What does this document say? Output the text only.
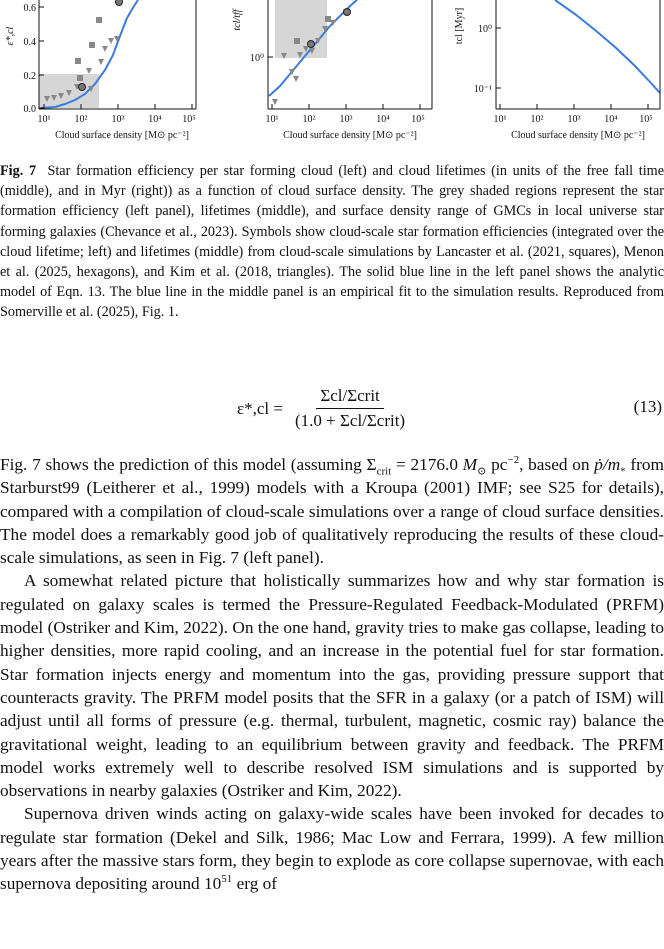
0.6
0.4
0.2
0.0
ε*,cl
10¹ 10² 10³ 10⁴ 10⁵
Cloud surface density [M⊙ pc⁻²]
10⁰
tcl/tff
10¹ 10² 10³ 10⁴ 10⁵
Cloud surface density [M⊙ pc⁻²]
10⁰
10⁻¹
tcl [Myr]
10¹ 10² 10³ 10⁴ 10⁵
Cloud surface density [M⊙ pc⁻²]

Fig. 7 Star formation efficiency per star forming cloud (left) and cloud lifetimes (in units of the free fall time (middle), and in Myr (right)) as a function of cloud surface density. The grey shaded regions represent the star formation efficiency (left panel), lifetimes (middle), and surface density range of GMCs in local universe star forming galaxies (Chevance et al., 2023). Symbols show cloud-scale star formation efficiencies (integrated over the cloud lifetime; left) and lifetimes (middle) from cloud-scale simulations by Lancaster et al. (2021, squares), Menon et al. (2025, hexagons), and Kim et al. (2018, triangles). The solid blue line in the left panel shows the analytic model of Eqn. 13. The blue line in the middle panel is an empirical fit to the simulation results. Reproduced from Somerville et al. (2025), Fig. 1.

$\varepsilon*,cl = \frac{\text{Σcl/Σcrit}}{\text{(1.0 + Σcl/Σcrit)}}$	(13)

Fig. 7 shows the prediction of this model (assuming $\Sigma_{crit} = 2176.0$ $M_⊙$ $pc^{-2}$, based on $ṗ/m_*$ from Starburst99 (Leitherer et al., 1999) models with a Kroupa (2001) IMF; see S25 for details), compared with a compilation of cloud-scale simulations over a range of cloud surface densities. The model does a remarkably good job of qualitatively reproducing the results of these cloud-scale simulations, as seen in Fig. 7 (left panel).

A somewhat related picture that holistically summarizes how and why star formation is regulated on galaxy scales is termed the Pressure-Regulated Feedback-Modulated (PRFM) model (Ostriker and Kim, 2022). On the one hand, gravity tries to make gas collapse, leading to higher densities, more rapid cooling, and an increase in the potential fuel for star formation. Star formation injects energy and momentum into the gas, providing pressure support that counteracts gravity. The PRFM model posits that the SFR in a galaxy (or a patch of ISM) will adjust until all forms of pressure (e.g. thermal, turbulent, magnetic, cosmic ray) balance the gravitational weight, leading to an equilibrium between gravity and feedback. The PRFM model works extremely well to describe resolved ISM simulations and is supported by observations in nearby galaxies (Ostriker and Kim, 2022).

Supernova driven winds acting on galaxy-wide scales have been invoked for decades to regulate star formation (Dekel and Silk, 1986; Mac Low and Ferrara, 1999). A few million years after the massive stars form, they begin to explode as core collapse supernovae, with each supernova depositing around $10^{51}$ erg of
